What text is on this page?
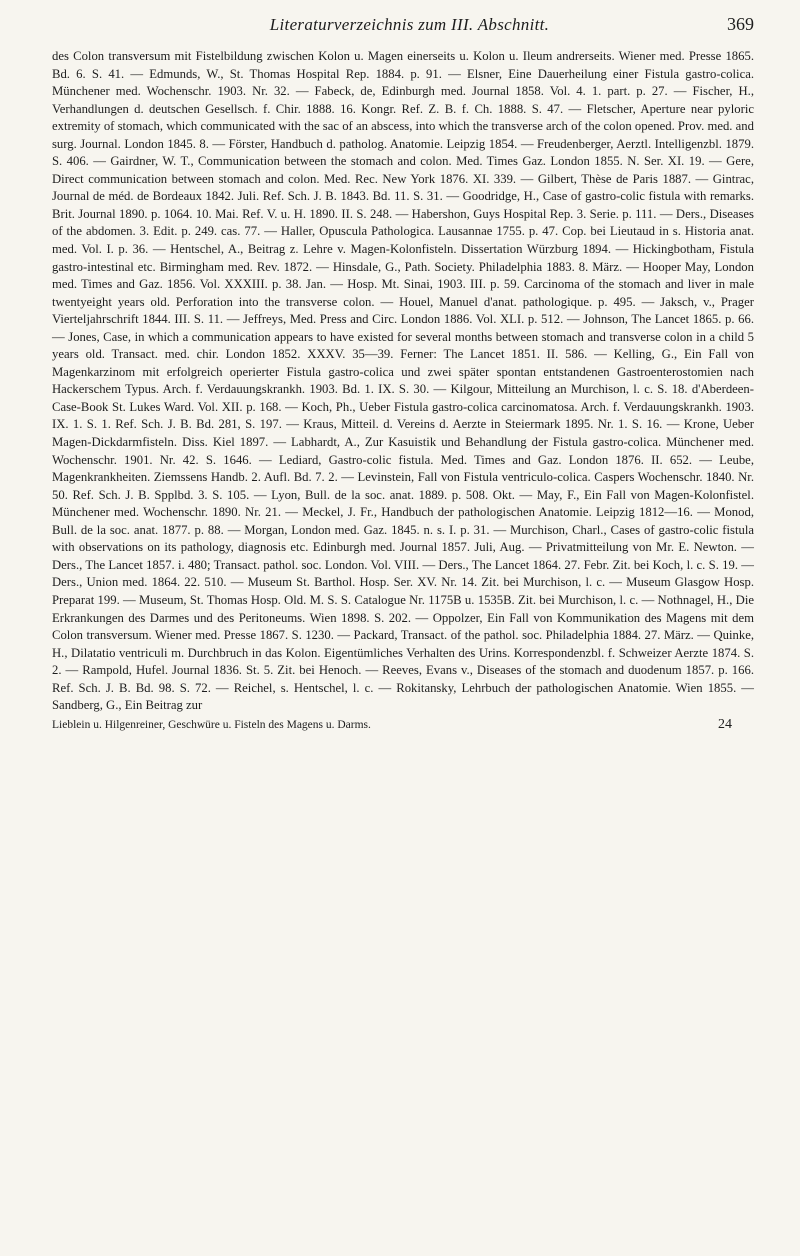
Literaturverzeichnis zum III. Abschnitt.	369

des Colon transversum mit Fistelbildung zwischen Kolon u. Magen einerseits u. Kolon u. Ileum andrerseits. Wiener med. Presse 1865. Bd. 6. S. 41. — Edmunds, W., St. Thomas Hospital Rep. 1884. p. 91. — Elsner, Eine Dauerheilung einer Fistula gastro-colica. Münchener med. Wochenschr. 1903. Nr. 32. — Fabeck, de, Edinburgh med. Journal 1858. Vol. 4. 1. part. p. 27. — Fischer, H., Verhandlungen d. deutschen Gesellsch. f. Chir. 1888. 16. Kongr. Ref. Z. B. f. Ch. 1888. S. 47. — Fletscher, Aperture near pyloric extremity of stomach, which communicated with the sac of an abscess, into which the transverse arch of the colon opened. Prov. med. and surg. Journal. London 1845. 8. — Förster, Handbuch d. patholog. Anatomie. Leipzig 1854. — Freudenberger, Aerztl. Intelligenzbl. 1879. S. 406. — Gairdner, W. T., Communication between the stomach and colon. Med. Times Gaz. London 1855. N. Ser. XI. 19. — Gere, Direct communication between stomach and colon. Med. Rec. New York 1876. XI. 339. — Gilbert, Thèse de Paris 1887. — Gintrac, Journal de méd. de Bordeaux 1842. Juli. Ref. Sch. J. B. 1843. Bd. 11. S. 31. — Goodridge, H., Case of gastro-colic fistula with remarks. Brit. Journal 1890. p. 1064. 10. Mai. Ref. V. u. H. 1890. II. S. 248. — Habershon, Guys Hospital Rep. 3. Serie. p. 111. — Ders., Diseases of the abdomen. 3. Edit. p. 249. cas. 77. — Haller, Opuscula Pathologica. Lausannae 1755. p. 47. Cop. bei Lieutaud in s. Historia anat. med. Vol. I. p. 36. — Hentschel, A., Beitrag z. Lehre v. Magen-Kolonfisteln. Dissertation Würzburg 1894. — Hickingbotham, Fistula gastro-intestinal etc. Birmingham med. Rev. 1872. — Hinsdale, G., Path. Society. Philadelphia 1883. 8. März. — Hooper May, London med. Times and Gaz. 1856. Vol. XXXIII. p. 38. Jan. — Hosp. Mt. Sinai, 1903. III. p. 59. Carcinoma of the stomach and liver in male twentyeight years old. Perforation into the transverse colon. — Houel, Manuel d'anat. pathologique. p. 495. — Jaksch, v., Prager Vierteljahrschrift 1844. III. S. 11. — Jeffreys, Med. Press and Circ. London 1886. Vol. XLI. p. 512. — Johnson, The Lancet 1865. p. 66. — Jones, Case, in which a communication appears to have existed for several months between stomach and transverse colon in a child 5 years old. Transact. med. chir. London 1852. XXXV. 35—39. Ferner: The Lancet 1851. II. 586. — Kelling, G., Ein Fall von Magenkarzinom mit erfolgreich operierter Fistula gastro-colica und zwei später spontan entstandenen Gastroenterostomien nach Hackerschem Typus. Arch. f. Verdauungskrankh. 1903. Bd. 1. IX. S. 30. — Kilgour, Mitteilung an Murchison, l. c. S. 18. d'Aberdeen-Case-Book St. Lukes Ward. Vol. XII. p. 168. — Koch, Ph., Ueber Fistula gastro-colica carcinomatosa. Arch. f. Verdauungskrankh. 1903. IX. 1. S. 1. Ref. Sch. J. B. Bd. 281, S. 197. — Kraus, Mitteil. d. Vereins d. Aerzte in Steiermark 1895. Nr. 1. S. 16. — Krone, Ueber Magen-Dickdarmfisteln. Diss. Kiel 1897. — Labhardt, A., Zur Kasuistik und Behandlung der Fistula gastro-colica. Münchener med. Wochenschr. 1901. Nr. 42. S. 1646. — Lediard, Gastro-colic fistula. Med. Times and Gaz. London 1876. II. 652. — Leube, Magenkrankheiten. Ziemssens Handb. 2. Aufl. Bd. 7. 2. — Levinstein, Fall von Fistula ventriculo-colica. Caspers Wochenschr. 1840. Nr. 50. Ref. Sch. J. B. Spplbd. 3. S. 105. — Lyon, Bull. de la soc. anat. 1889. p. 508. Okt. — May, F., Ein Fall von Magen-Kolonfistel. Münchener med. Wochenschr. 1890. Nr. 21. — Meckel, J. Fr., Handbuch der pathologischen Anatomie. Leipzig 1812—16. — Monod, Bull. de la soc. anat. 1877. p. 88. — Morgan, London med. Gaz. 1845. n. s. I. p. 31. — Murchison, Charl., Cases of gastro-colic fistula with observations on its pathology, diagnosis etc. Edinburgh med. Journal 1857. Juli, Aug. — Privatmitteilung von Mr. E. Newton. — Ders., The Lancet 1857. i. 480; Transact. pathol. soc. London. Vol. VIII. — Ders., The Lancet 1864. 27. Febr. Zit. bei Koch, l. c. S. 19. — Ders., Union med. 1864. 22. 510. — Museum St. Barthol. Hosp. Ser. XV. Nr. 14. Zit. bei Murchison, l. c. — Museum Glasgow Hosp. Preparat 199. — Museum, St. Thomas Hosp. Old. M. S. S. Catalogue Nr. 1175B u. 1535B. Zit. bei Murchison, l. c. — Nothnagel, H., Die Erkrankungen des Darmes und des Peritoneums. Wien 1898. S. 202. — Oppolzer, Ein Fall von Kommunikation des Magens mit dem Colon transversum. Wiener med. Presse 1867. S. 1230. — Packard, Transact. of the pathol. soc. Philadelphia 1884. 27. März. — Quinke, H., Dilatatio ventriculi m. Durchbruch in das Kolon. Eigentümliches Verhalten des Urins. Korrespondenzbl. f. Schweizer Aerzte 1874. S. 2. — Rampold, Hufel. Journal 1836. St. 5. Zit. bei Henoch. — Reeves, Evans v., Diseases of the stomach and duodenum 1857. p. 166. Ref. Sch. J. B. Bd. 98. S. 72. — Reichel, s. Hentschel, l. c. — Rokitansky, Lehrbuch der pathologischen Anatomie. Wien 1855. — Sandberg, G., Ein Beitrag zur

Lieblein u. Hilgenreiner, Geschwüre u. Fisteln des Magens u. Darms.	24
